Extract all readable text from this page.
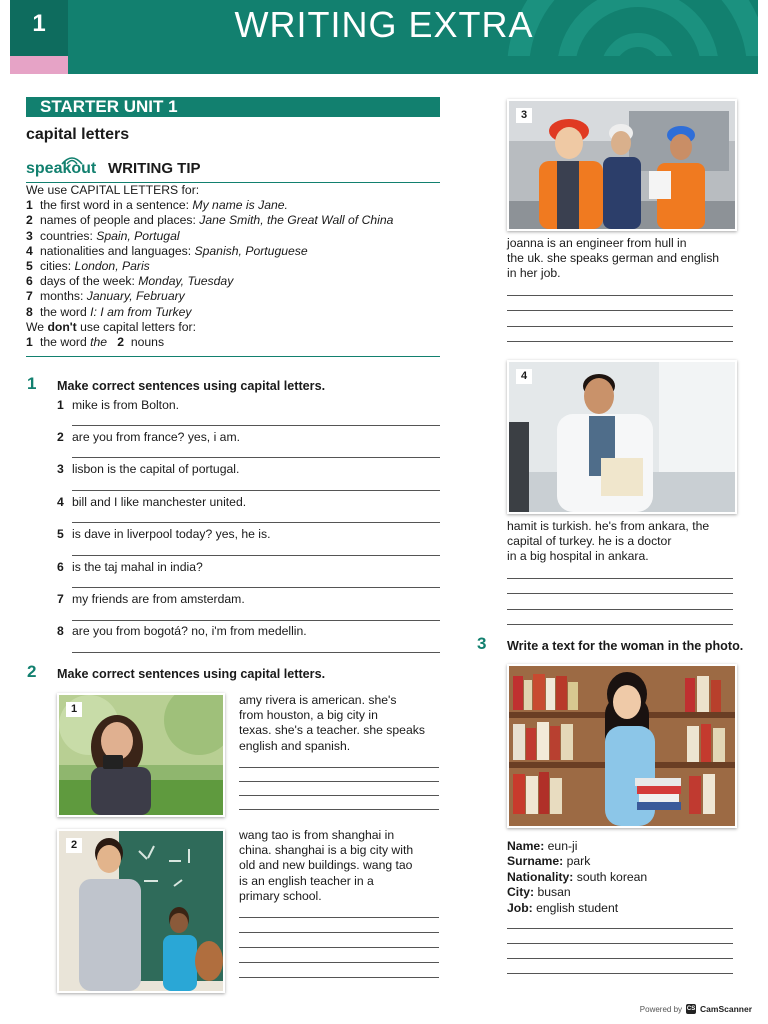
1	WRITING EXTRA
STARTER UNIT 1
capital letters
speakout WRITING TIP
We use CAPITAL LETTERS for:
1 the first word in a sentence: My name is Jane.
2 names of people and places: Jane Smith, the Great Wall of China
3 countries: Spain, Portugal
4 nationalities and languages: Spanish, Portuguese
5 cities: London, Paris
6 days of the week: Monday, Tuesday
7 months: January, February
8 the word I: I am from Turkey
We don't use capital letters for:
1 the word the 2 nouns
1 Make correct sentences using capital letters.
1 mike is from Bolton.
2 are you from france? yes, i am.
3 lisbon is the capital of portugal.
4 bill and I like manchester united.
5 is dave in liverpool today? yes, he is.
6 is the taj mahal in india?
7 my friends are from amsterdam.
8 are you from bogotá? no, i'm from medellin.
2 Make correct sentences using capital letters.
1
amy rivera is american. she's
from houston, a big city in
texas. she's a teacher. she speaks
english and spanish.
2
wang tao is from shanghai in
china. shanghai is a big city with
old and new buildings. wang tao
is an english teacher in a
primary school.
3
joanna is an engineer from hull in
the uk. she speaks german and english
in her job.
4
hamit is turkish. he's from ankara, the
capital of turkey. he is a doctor
in a big hospital in ankara.
3 Write a text for the woman in the photo.
Name: eun-ji
Surname: park
Nationality: south korean
City: busan
Job: english student
Powered by CS CamScanner
